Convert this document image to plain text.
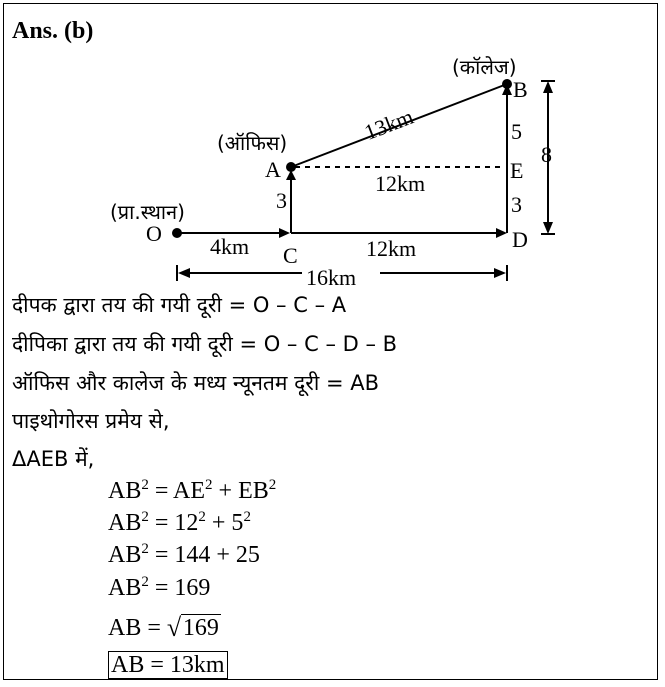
Ans. (b)
(कॉलेज)
(ऑफिस)
(प्रा.स्थान)
B
A
O
C
D
E
13km
12km
4km	12km
16km
3
5
3
8
दीपक द्वारा तय की गयी दूरी = O – C – A
दीपिका द्वारा तय की गयी दूरी = O – C – D – B
ऑफिस और कालेज के मध्य न्यूनतम दूरी = AB
पाइथोगोरस प्रमेय से,
ΔAEB में,
$AB^2 = AE^2 + EB^2$
$AB^2 = 12^2 + 5^2$
$AB^2 = 144 + 25$
$AB^2 = 169$
AB = √ 169
AB = 13km
